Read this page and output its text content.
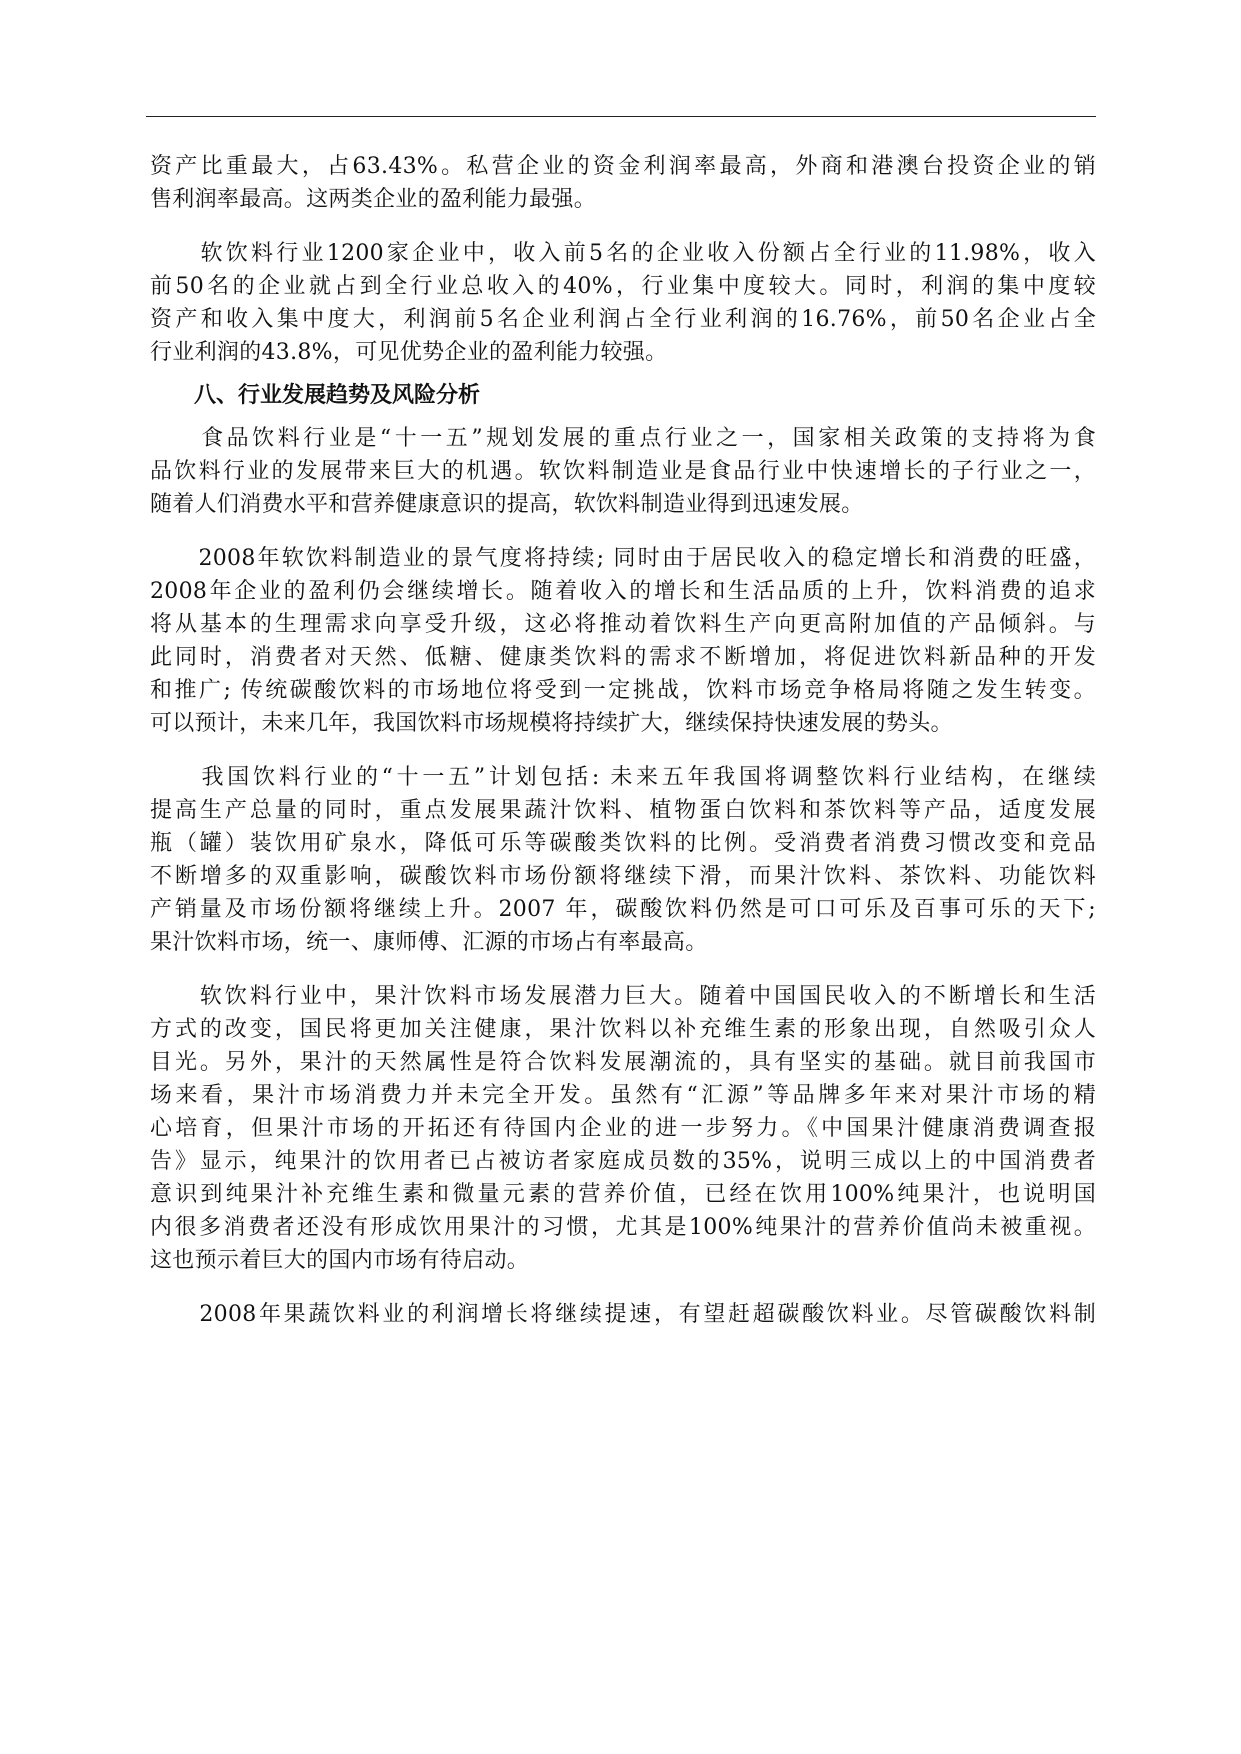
资产比重最大，占63.43%。私营企业的资金利润率最高，外商和港澳台投资企业的销
售利润率最高。这两类企业的盈利能力最强。
　　软饮料行业1200家企业中，收入前5名的企业收入份额占全行业的11.98%，收入
前50名的企业就占到全行业总收入的40%，行业集中度较大。同时，利润的集中度较
资产和收入集中度大，利润前5名企业利润占全行业利润的16.76%，前50名企业占全
行业利润的43.8%，可见优势企业的盈利能力较强。
八、行业发展趋势及风险分析
　　食品饮料行业是“十一五”规划发展的重点行业之一，国家相关政策的支持将为食
品饮料行业的发展带来巨大的机遇。软饮料制造业是食品行业中快速增长的子行业之一，
随着人们消费水平和营养健康意识的提高，软饮料制造业得到迅速发展。
　　2008年软饮料制造业的景气度将持续; 同时由于居民收入的稳定增长和消费的旺盛，
2008年企业的盈利仍会继续增长。随着收入的增长和生活品质的上升，饮料消费的追求
将从基本的生理需求向享受升级，这必将推动着饮料生产向更高附加值的产品倾斜。与
此同时，消费者对天然、低糖、健康类饮料的需求不断增加，将促进饮料新品种的开发
和推广; 传统碳酸饮料的市场地位将受到一定挑战，饮料市场竞争格局将随之发生转变。
可以预计，未来几年，我国饮料市场规模将持续扩大，继续保持快速发展的势头。
　　我国饮料行业的“十一五”计划包括: 未来五年我国将调整饮料行业结构，在继续
提高生产总量的同时，重点发展果蔬汁饮料、植物蛋白饮料和茶饮料等产品，适度发展
瓶（罐）装饮用矿泉水，降低可乐等碳酸类饮料的比例。受消费者消费习惯改变和竞品
不断增多的双重影响，碳酸饮料市场份额将继续下滑，而果汁饮料、茶饮料、功能饮料
产销量及市场份额将继续上升。2007 年，碳酸饮料仍然是可口可乐及百事可乐的天下;
果汁饮料市场，统一、康师傅、汇源的市场占有率最高。
　　软饮料行业中，果汁饮料市场发展潜力巨大。随着中国国民收入的不断增长和生活
方式的改变，国民将更加关注健康，果汁饮料以补充维生素的形象出现，自然吸引众人
目光。另外，果汁的天然属性是符合饮料发展潮流的，具有坚实的基础。就目前我国市
场来看，果汁市场消费力并未完全开发。虽然有“汇源”等品牌多年来对果汁市场的精
心培育，但果汁市场的开拓还有待国内企业的进一步努力。《中国果汁健康消费调查报
告》显示，纯果汁的饮用者已占被访者家庭成员数的35%，说明三成以上的中国消费者
意识到纯果汁补充维生素和微量元素的营养价值，已经在饮用100%纯果汁，也说明国
内很多消费者还没有形成饮用果汁的习惯，尤其是100%纯果汁的营养价值尚未被重视。
这也预示着巨大的国内市场有待启动。
　　2008年果蔬饮料业的利润增长将继续提速，有望赶超碳酸饮料业。尽管碳酸饮料制
